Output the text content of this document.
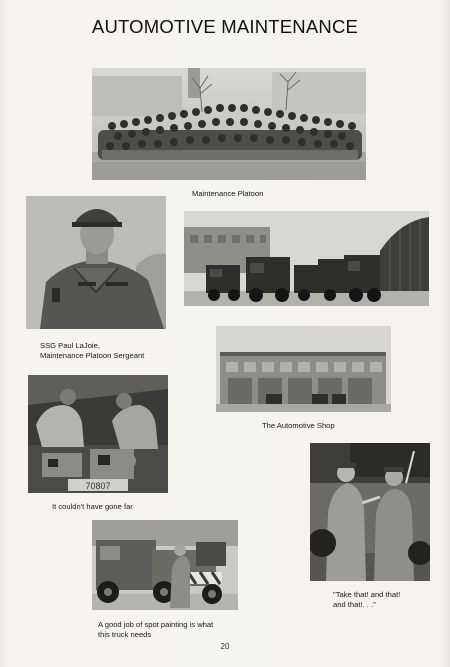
AUTOMOTIVE MAINTENANCE
Maintenance Platoon
SSG Paul LaJoie,
Maintenance Platoon Sergeant
The Automotive Shop
70807
It couldn't have gone far
"Take that! and that!
and that!. . ."
A good job of spot painting is what
this truck needs
20
